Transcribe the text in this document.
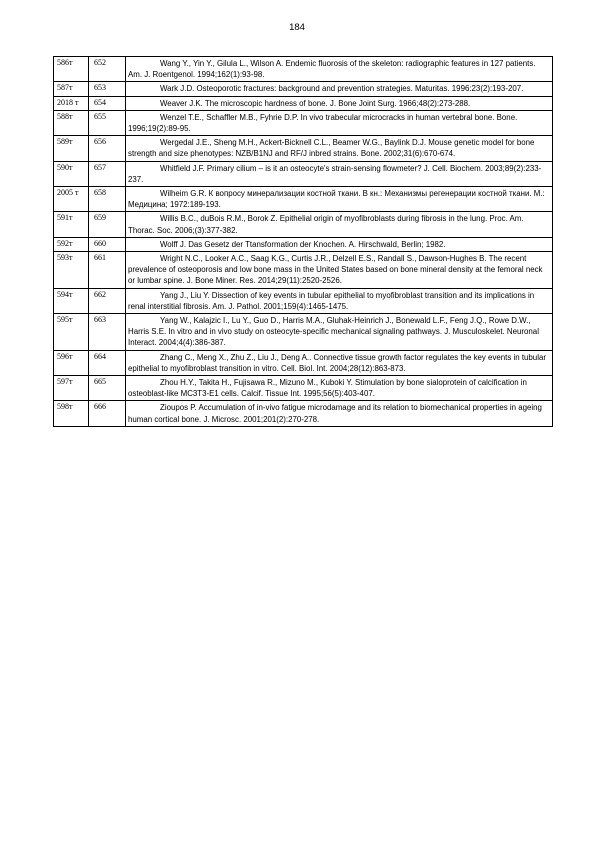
184
586т	652	Wang Y., Yin Y., Gilula L., Wilson A. Endemic fluorosis of the skeleton: radiographic features in 127 patients. Am. J. Roentgenol. 1994;162(1):93-98.
587т	653	Wark J.D. Osteoporotic fractures: background and prevention strategies. Maturitas. 1996:23(2):193-207.
2018 т	654	Weaver J.K. The microscopic hardness of bone. J. Bone Joint Surg. 1966;48(2):273-288.
588т	655	Wenzel T.E., Schaffler M.B., Fyhrie D.P. In vivo trabecular microcracks in human vertebral bone. Bone. 1996;19(2):89-95.
589т	656	Wergedal J.E., Sheng M.H., Ackert-Bicknell C.L., Beamer W.G., Baylink D.J. Mouse genetic model for bone strength and size phenotypes: NZB/B1NJ and RF/J inbred strains. Bone. 2002;31(6):670-674.
590т	657	Whitfield J.F. Primary cilium – is it an osteocyte's strain-sensing flowmeter? J. Cell. Biochem. 2003;89(2):233-237.
2005 т	658	Wilheim G.R. К вопросу минерализации костной ткани. В кн.: Механизмы регенерации костной ткани. М.: Медицина; 1972:189-193.
591т	659	Willis B.C., duBois R.M., Borok Z. Epithelial origin of myofibroblasts during fibrosis in the lung. Proc. Am. Thorac. Soc. 2006;(3):377-382.
592т	660	Wolff J. Das Gesetz der Ttansformation der Knochen. A. Hirschwald, Berlin; 1982.
593т	661	Wright N.C., Looker A.C., Saag K.G., Curtis J.R., Delzell E.S., Randall S., Dawson-Hughes B. The recent prevalence of osteoporosis and low bone mass in the United States based on bone mineral density at the femoral neck or lumbar spine. J. Bone Miner. Res. 2014;29(11):2520-2526.
594т	662	Yang J., Liu Y. Dissection of key events in tubular epithelial to myofibroblast transition and its implications in renal interstitial fibrosis. Am. J. Pathol. 2001;159(4):1465-1475.
595т	663	Yang W., Kalajzic I., Lu Y., Guo D., Harris M.A., Gluhak-Heinrich J., Bonewald L.F., Feng J.Q., Rowe D.W., Harris S.E. In vitro and in vivo study on osteocyte-specific mechanical signaling pathways. J. Musculoskelet. Neuronal Interact. 2004;4(4):386-387.
596т	664	Zhang C., Meng X., Zhu Z., Liu J., Deng A.. Connective tissue growth factor regulates the key events in tubular epithelial to myofibroblast transition in vitro. Cell. Biol. Int. 2004;28(12):863-873.
597т	665	Zhou H.Y., Takita H., Fujisawa R., Mizuno M., Kuboki Y. Stimulation by bone sialoprotein of calcification in osteoblast-like MC3T3-E1 cells. Calcif. Tissue Int. 1995;56(5):403-407.
598т	666	Zioupos P. Accumulation of in-vivo fatigue microdamage and its relation to biomechanical properties in ageing human cortical bone. J. Microsc. 2001;201(2):270-278.
